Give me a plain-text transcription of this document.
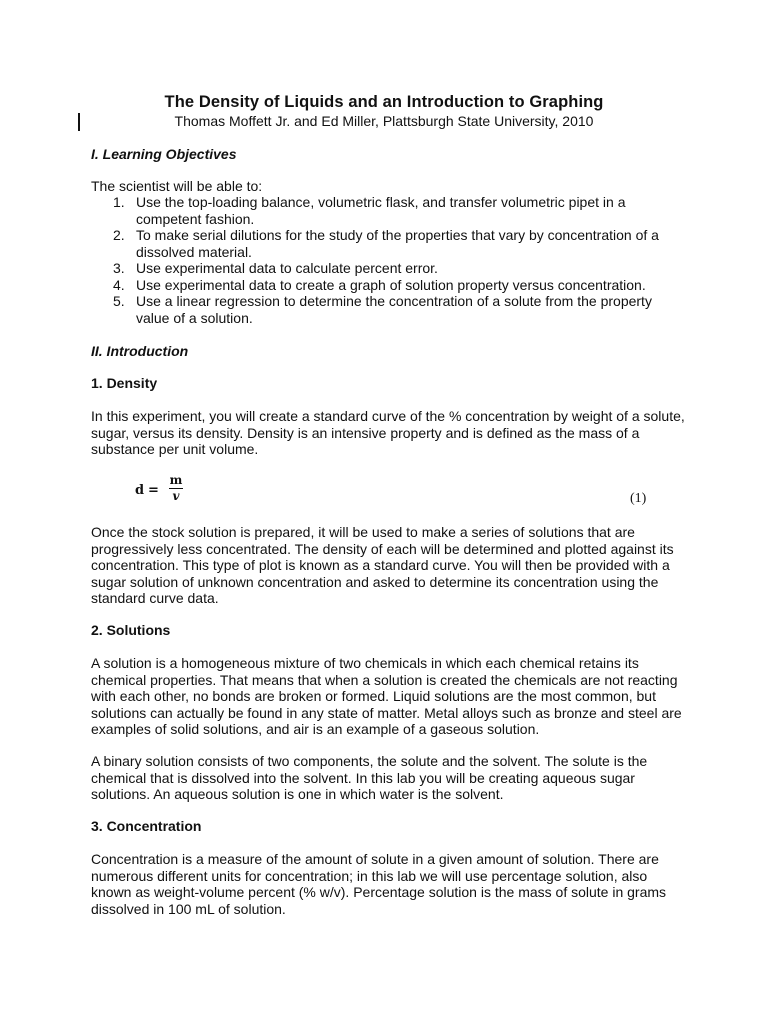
The Density of Liquids and an Introduction to Graphing
Thomas Moffett Jr. and Ed Miller, Plattsburgh State University, 2010
I. Learning Objectives
The scientist will be able to:
1. Use the top-loading balance, volumetric flask, and transfer volumetric pipet in a
competent fashion.
2. To make serial dilutions for the study of the properties that vary by concentration of a
dissolved material.
3. Use experimental data to calculate percent error.
4. Use experimental data to create a graph of solution property versus concentration.
5. Use a linear regression to determine the concentration of a solute from the property
value of a solution.
II. Introduction
1. Density
In this experiment, you will create a standard curve of the % concentration by weight of a solute,
sugar, versus its density. Density is an intensive property and is defined as the mass of a
substance per unit volume.
d =
m
v	(1)
Once the stock solution is prepared, it will be used to make a series of solutions that are
progressively less concentrated. The density of each will be determined and plotted against its
concentration. This type of plot is known as a standard curve. You will then be provided with a
sugar solution of unknown concentration and asked to determine its concentration using the
standard curve data.
2. Solutions
A solution is a homogeneous mixture of two chemicals in which each chemical retains its
chemical properties. That means that when a solution is created the chemicals are not reacting
with each other, no bonds are broken or formed. Liquid solutions are the most common, but
solutions can actually be found in any state of matter. Metal alloys such as bronze and steel are
examples of solid solutions, and air is an example of a gaseous solution.
A binary solution consists of two components, the solute and the solvent. The solute is the
chemical that is dissolved into the solvent. In this lab you will be creating aqueous sugar
solutions. An aqueous solution is one in which water is the solvent.
3. Concentration
Concentration is a measure of the amount of solute in a given amount of solution. There are
numerous different units for concentration; in this lab we will use percentage solution, also
known as weight-volume percent (% w/v). Percentage solution is the mass of solute in grams
dissolved in 100 mL of solution.
